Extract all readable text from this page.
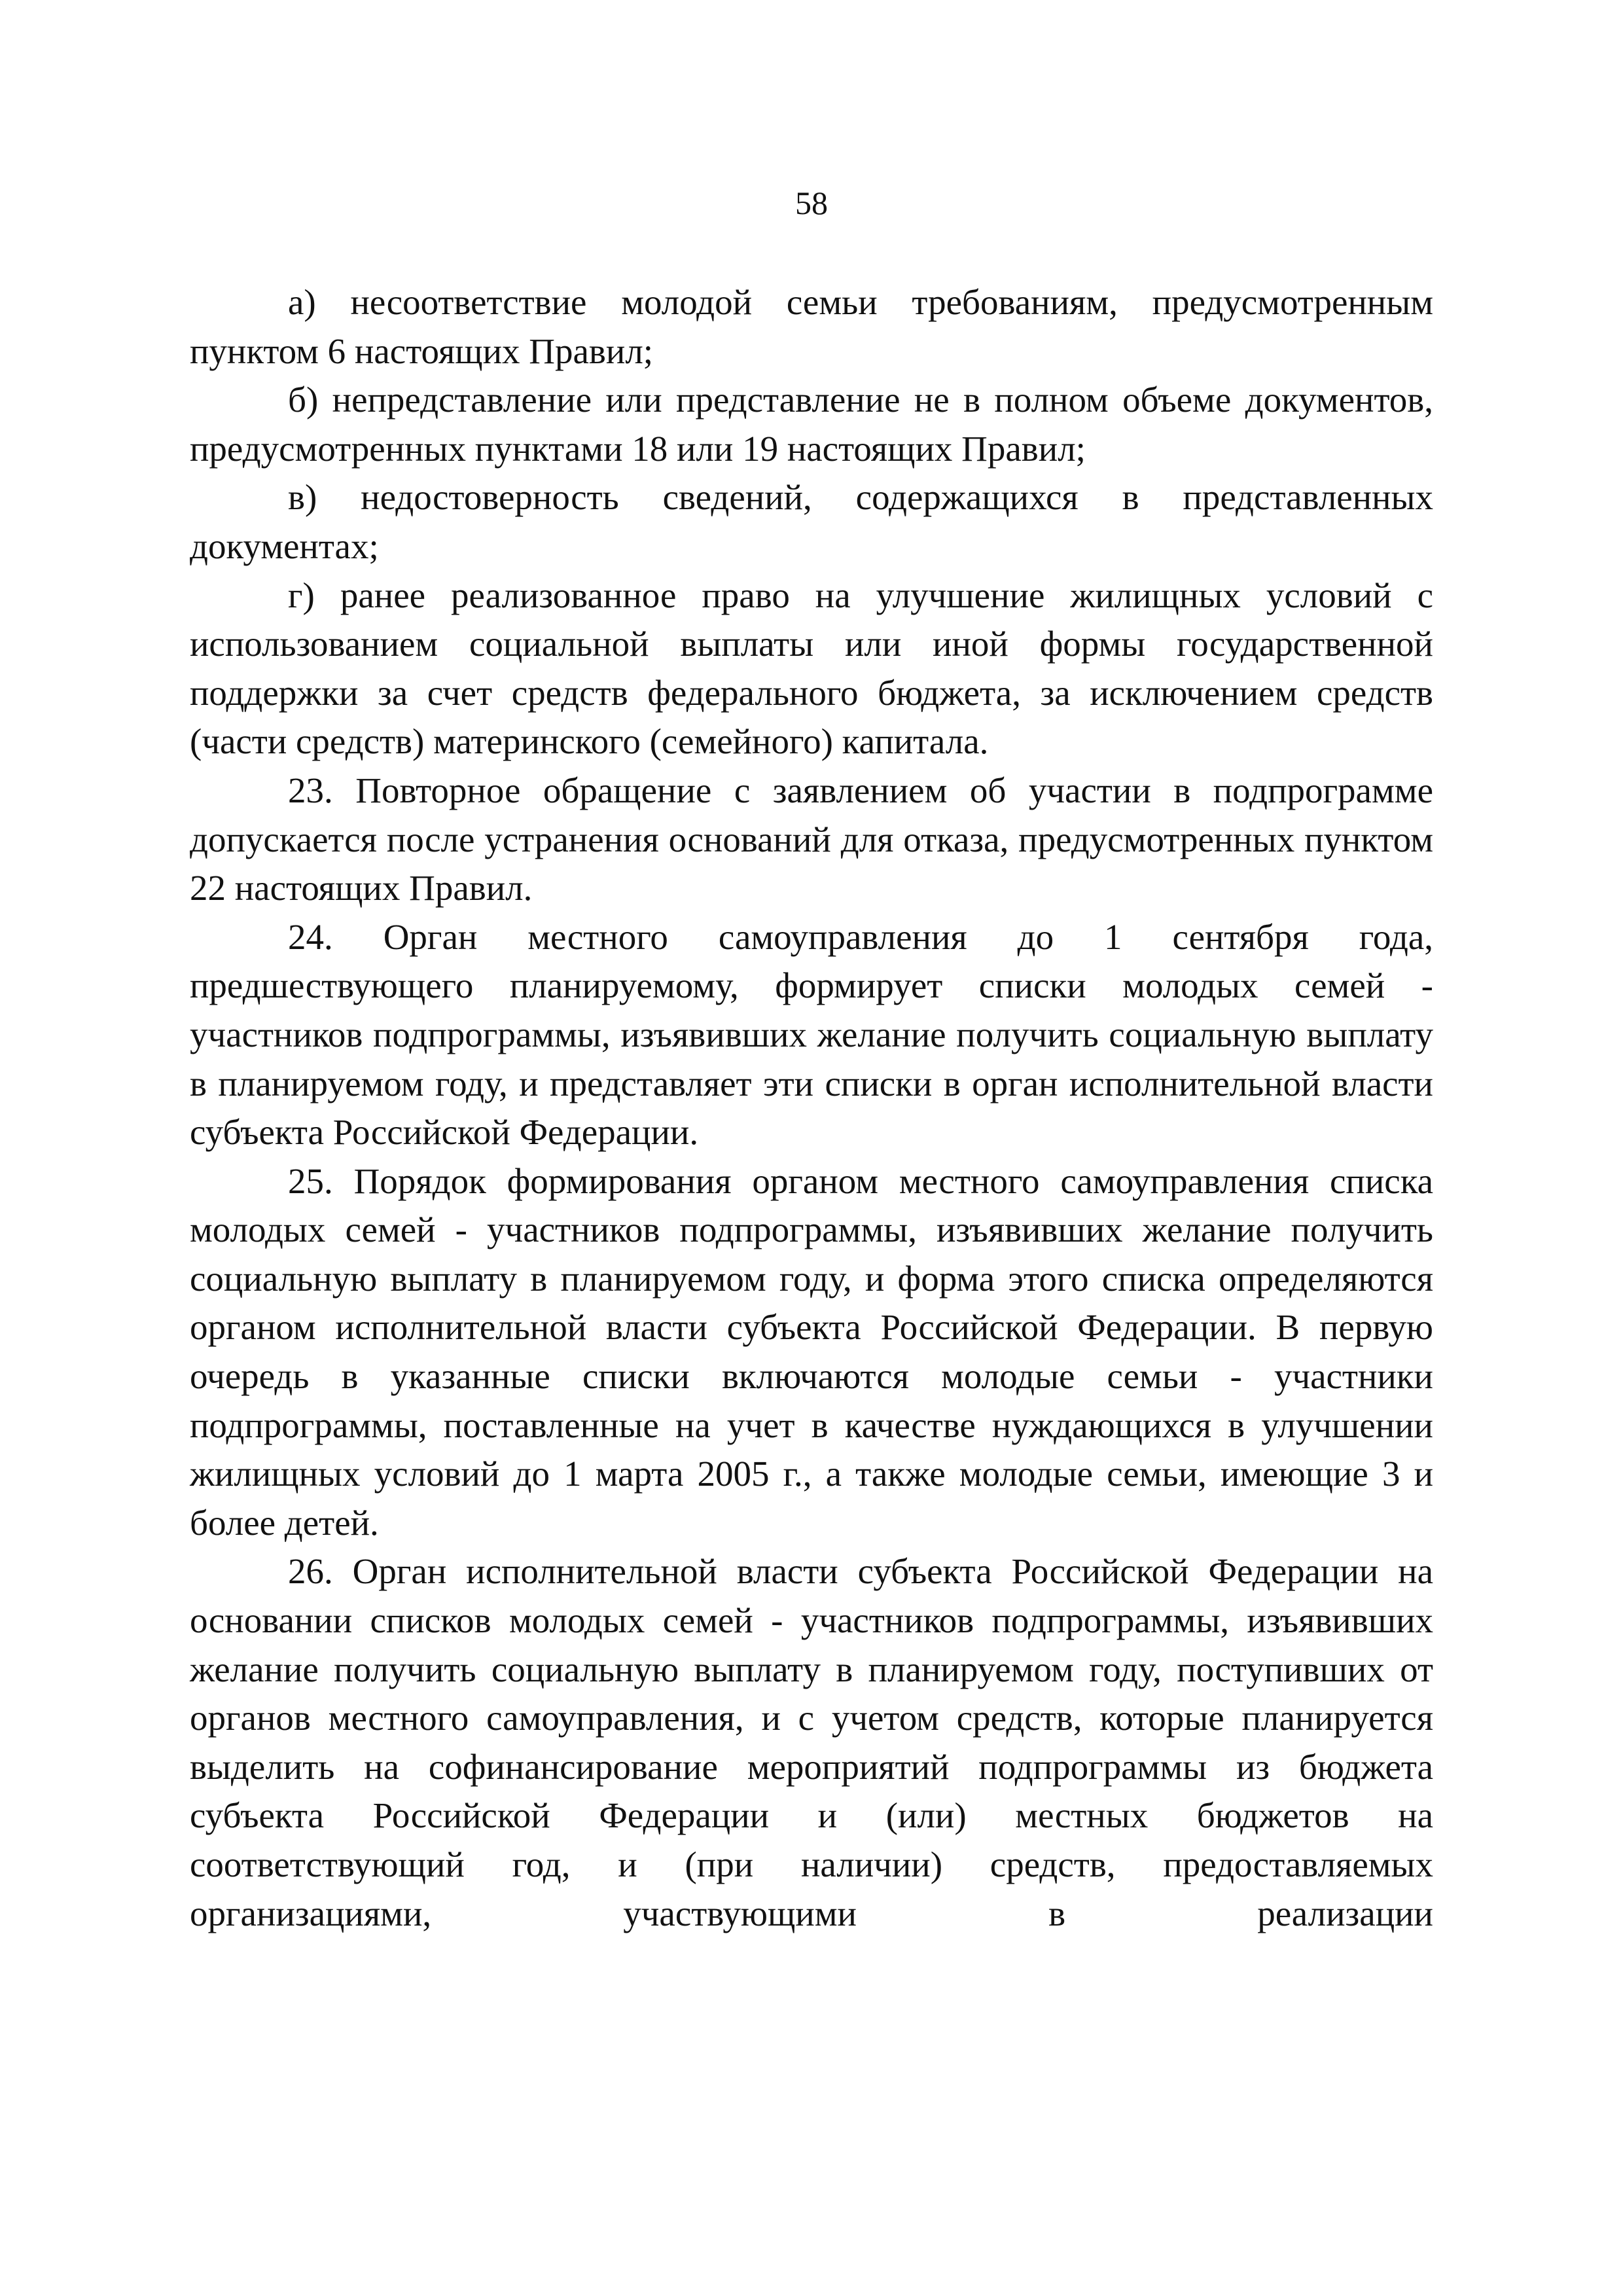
58

а) несоответствие молодой семьи требованиям, предусмотренным пунктом 6 настоящих Правил;

б) непредставление или представление не в полном объеме документов, предусмотренных пунктами 18 или 19 настоящих Правил;

в) недостоверность сведений, содержащихся в представленных документах;

г) ранее реализованное право на улучшение жилищных условий с использованием социальной выплаты или иной формы государственной поддержки за счет средств федерального бюджета, за исключением средств (части средств) материнского (семейного) капитала.

23. Повторное обращение с заявлением об участии в подпрограмме допускается после устранения оснований для отказа, предусмотренных пунктом 22 настоящих Правил.

24. Орган местного самоуправления до 1 сентября года, предшествующего планируемому, формирует списки молодых семей - участников подпрограммы, изъявивших желание получить социальную выплату в планируемом году, и представляет эти списки в орган исполнительной власти субъекта Российской Федерации.

25. Порядок формирования органом местного самоуправления списка молодых семей - участников подпрограммы, изъявивших желание получить социальную выплату в планируемом году, и форма этого списка определяются органом исполнительной власти субъекта Российской Федерации. В первую очередь в указанные списки включаются молодые семьи - участники подпрограммы, поставленные на учет в качестве нуждающихся в улучшении жилищных условий до 1 марта 2005 г., а также молодые семьи, имеющие 3 и более детей.

26. Орган исполнительной власти субъекта Российской Федерации на основании списков молодых семей - участников подпрограммы, изъявивших желание получить социальную выплату в планируемом году, поступивших от органов местного самоуправления, и с учетом средств, которые планируется выделить на софинансирование мероприятий подпрограммы из бюджета субъекта Российской Федерации и (или) местных бюджетов на соответствующий год, и (при наличии) средств, предоставляемых организациями, участвующими в реализации
